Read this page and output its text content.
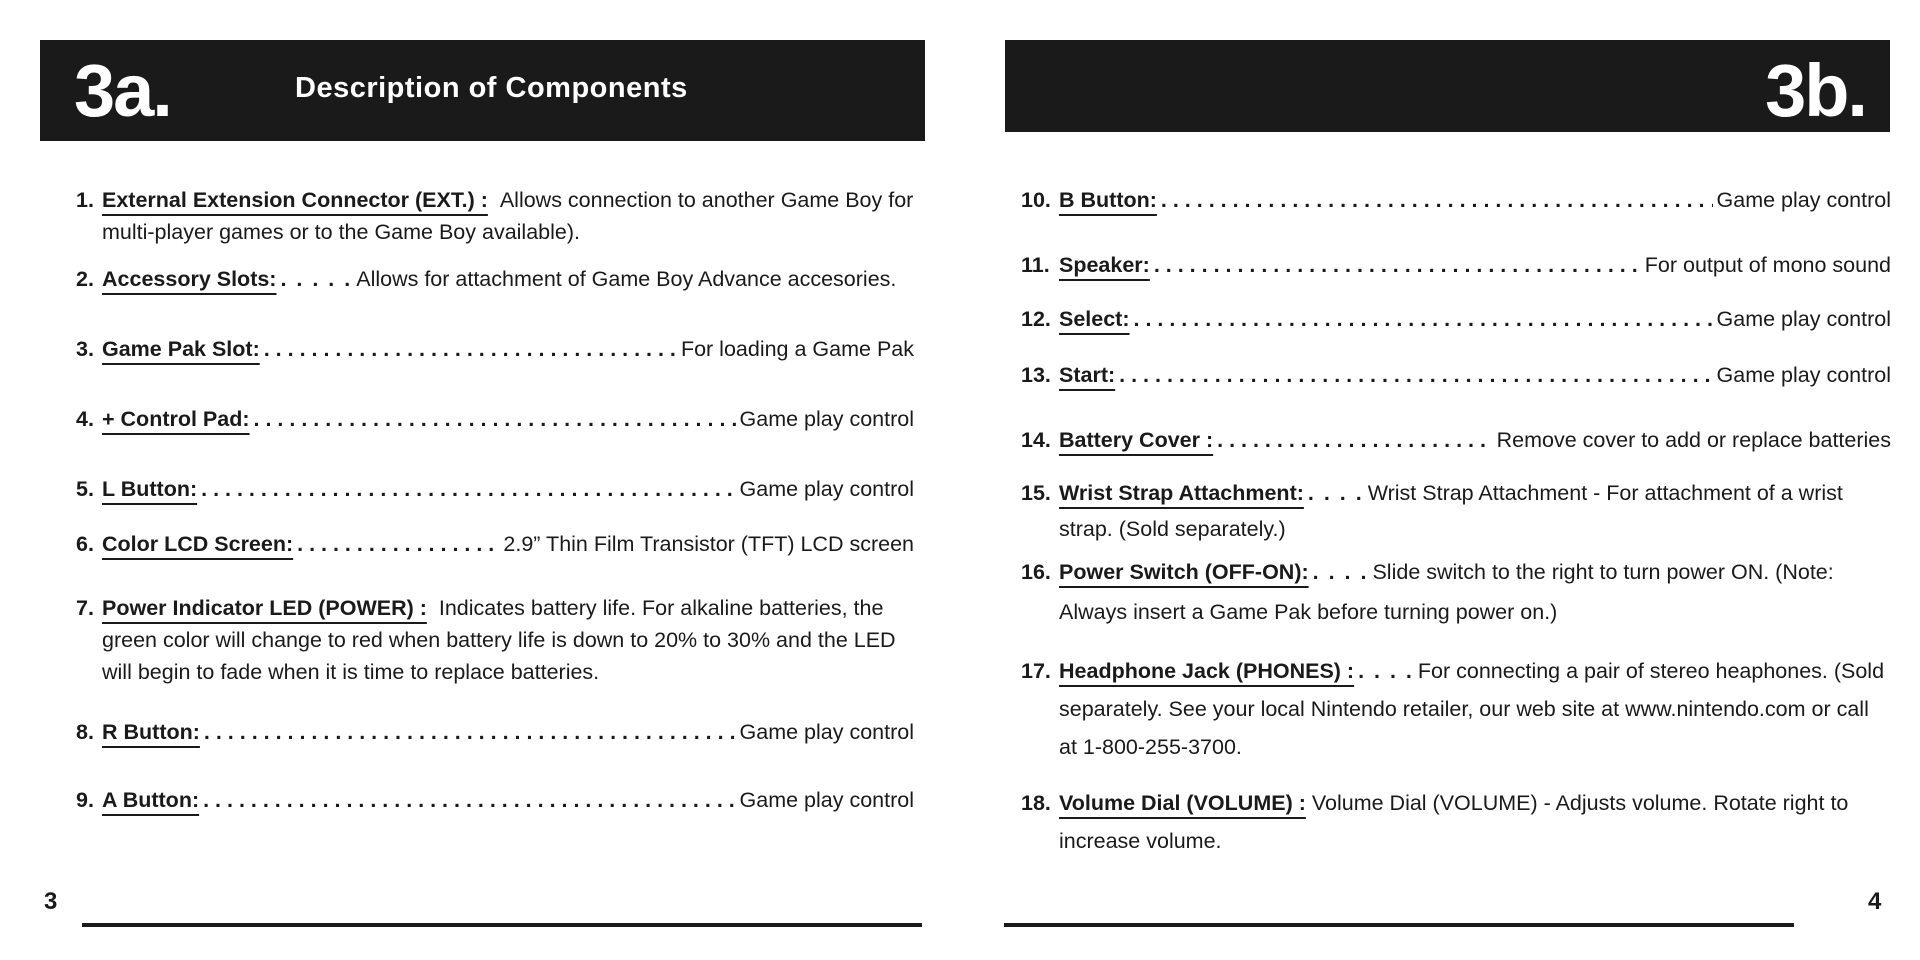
3a.	Description of Components
1. External Extension Connector (EXT.) : Allows connection to another Game Boy for multi-player games or to the Game Boy available).
2. Accessory Slots: . . . . . Allows for attachment of Game Boy Advance accesories.
3. Game Pak Slot: . . .	For loading a Game Pak
4. + Control Pad: . . .	Game play control
5. L Button: . . .	Game play control
6. Color LCD Screen: . . .	2.9” Thin Film Transistor (TFT) LCD screen
7. Power Indicator LED (POWER) : Indicates battery life. For alkaline batteries, the green color will change to red when battery life is down to 20% to 30% and the LED will begin to fade when it is time to replace batteries.
8. R Button: . . .	Game play control
9. A Button: . . .	Game play control
3
3b.
10. B Button: . . .	Game play control
11. Speaker: . . .	For output of mono sound
12. Select: . . .	Game play control
13. Start: . . .	Game play control
14. Battery Cover : . . .	Remove cover to add or replace batteries
15. Wrist Strap Attachment: . . . . Wrist Strap Attachment - For attachment of a wrist strap. (Sold separately.)
16. Power Switch (OFF-ON): . . . . Slide switch to the right to turn power ON. (Note: Always insert a Game Pak before turning power on.)
17. Headphone Jack (PHONES) : . . . . For connecting a pair of stereo heaphones. (Sold separately. See your local Nintendo retailer, our web site at www.nintendo.com or call at 1-800-255-3700.
18. Volume Dial (VOLUME) : Volume Dial (VOLUME) - Adjusts volume. Rotate right to increase volume.
4
